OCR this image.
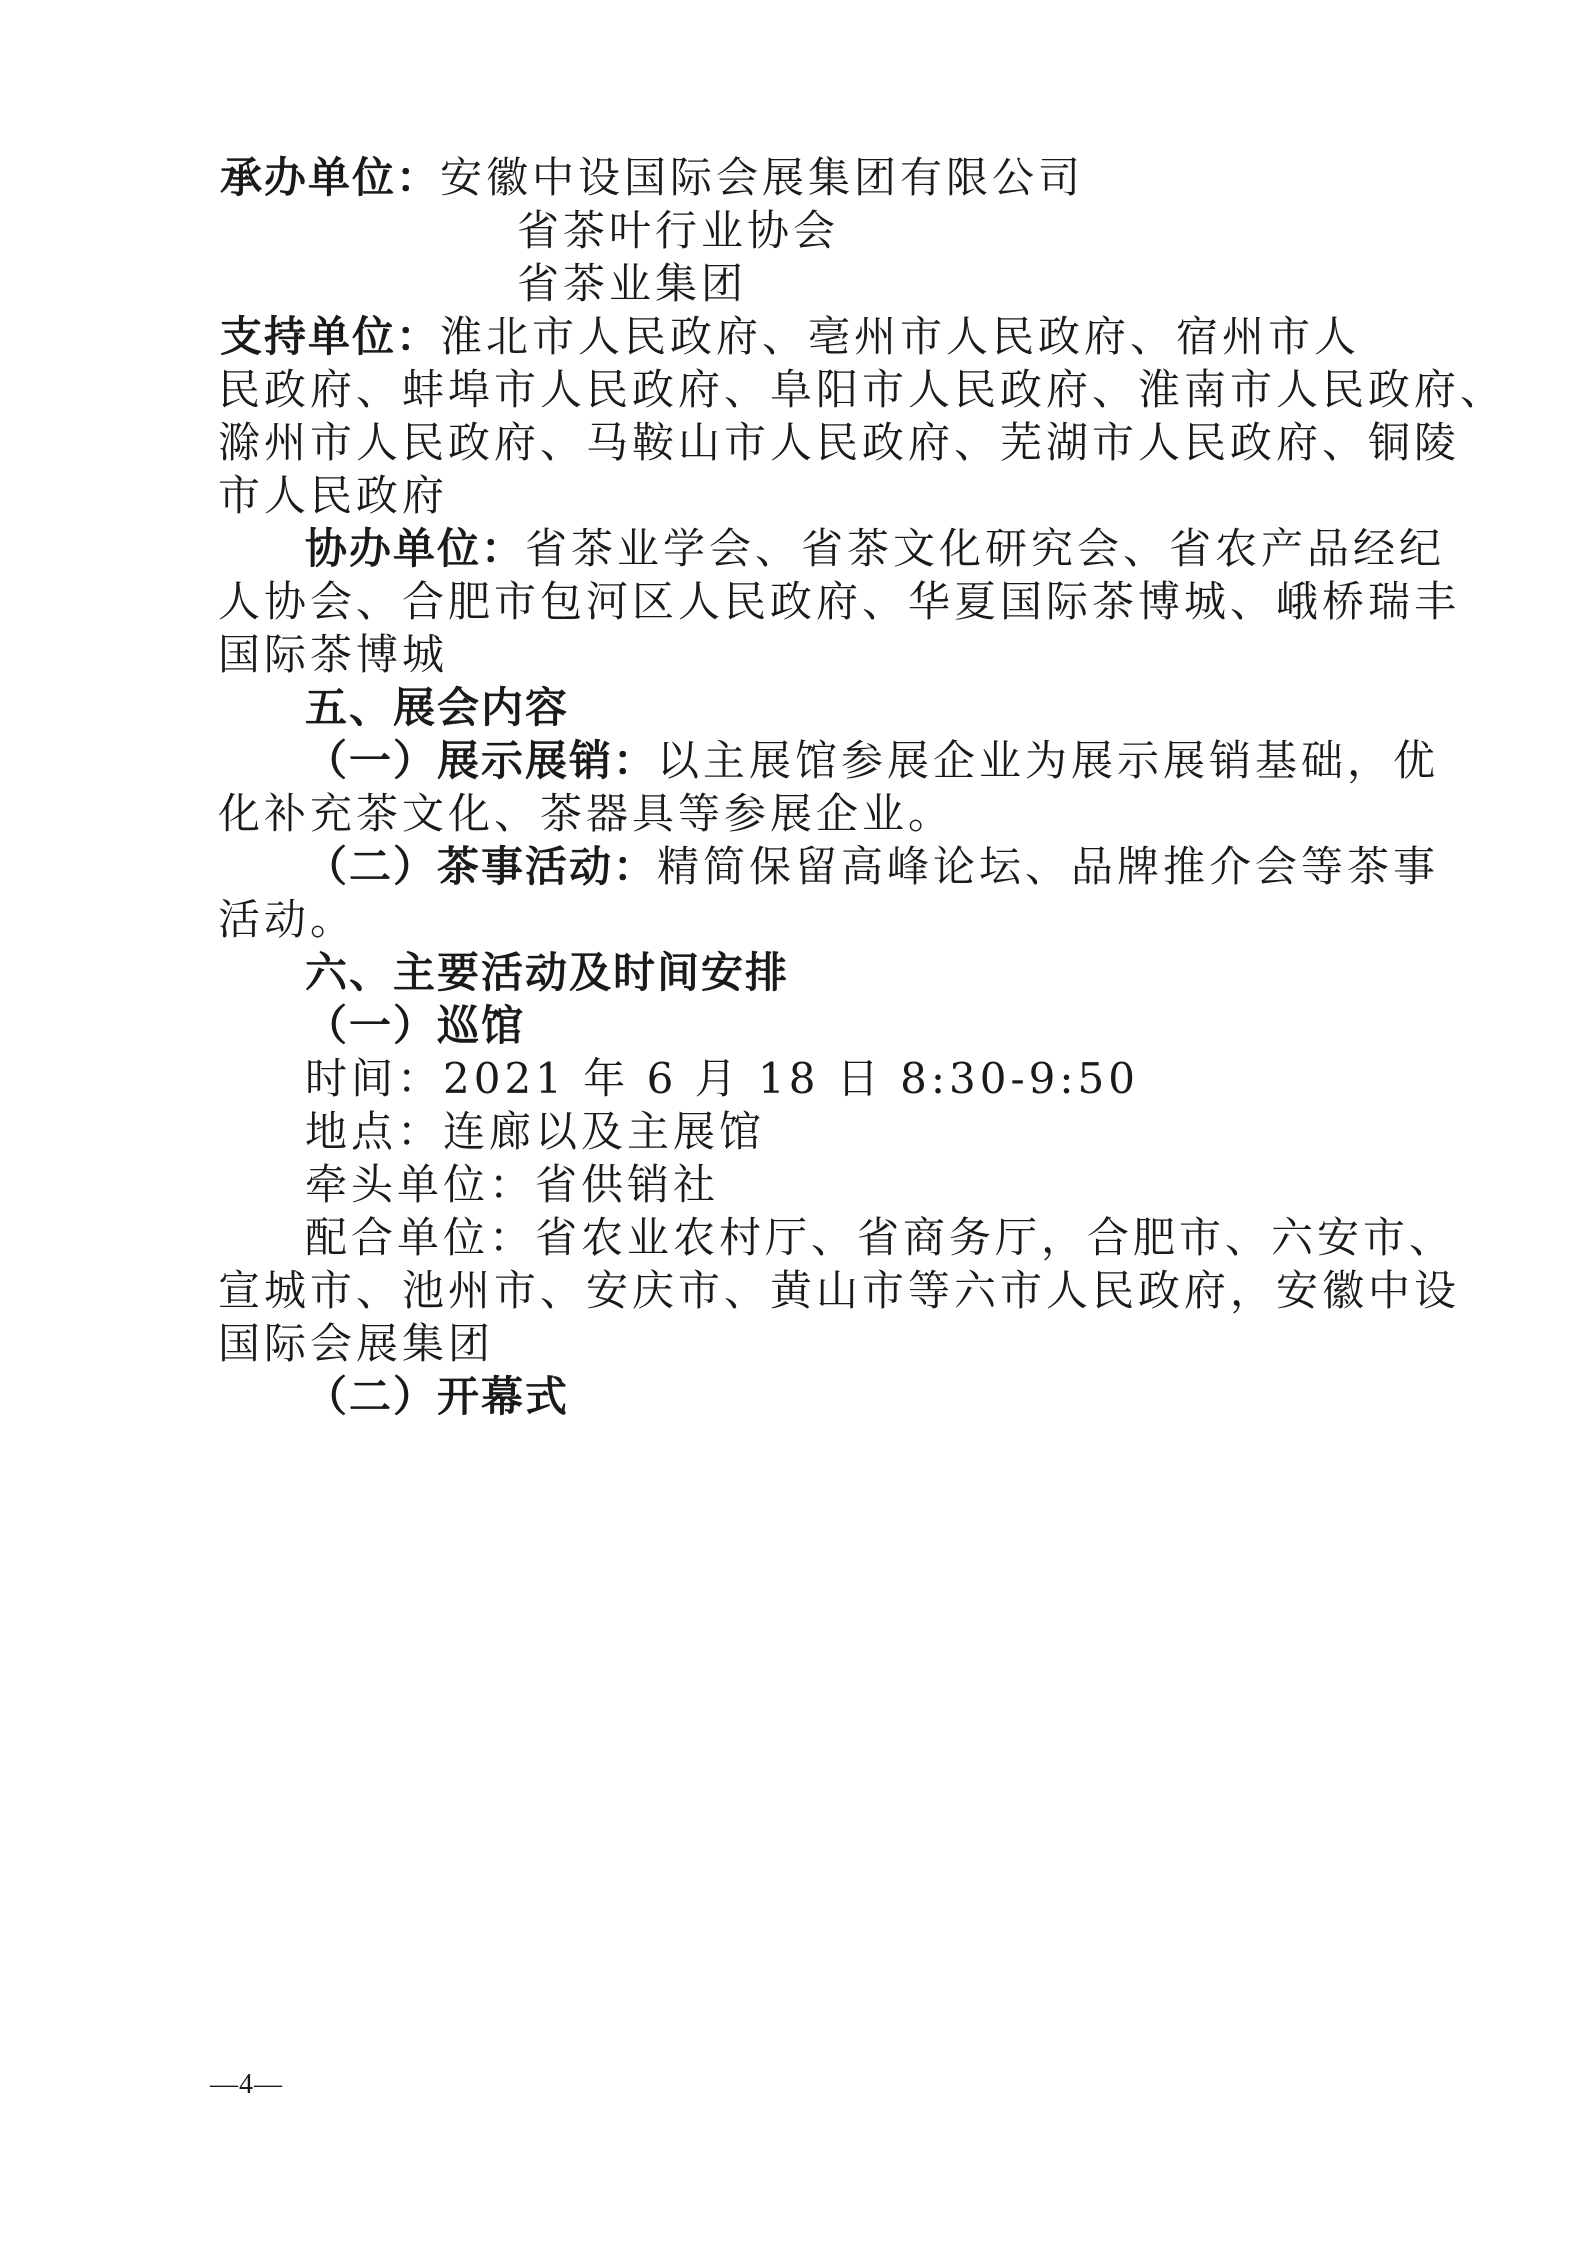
承办单位：安徽中设国际会展集团有限公司
省茶叶行业协会
省茶业集团
支持单位：淮北市人民政府、亳州市人民政府、宿州市人
民政府、蚌埠市人民政府、阜阳市人民政府、淮南市人民政府、
滁州市人民政府、马鞍山市人民政府、芜湖市人民政府、铜陵
市人民政府
协办单位：省茶业学会、省茶文化研究会、省农产品经纪
人协会、合肥市包河区人民政府、华夏国际茶博城、峨桥瑞丰
国际茶博城
五、展会内容
（一）展示展销：以主展馆参展企业为展示展销基础，优
化补充茶文化、茶器具等参展企业。
（二）茶事活动：精简保留高峰论坛、品牌推介会等茶事
活动。
六、主要活动及时间安排
（一）巡馆
时间：2021 年 6 月 18 日 8:30-9:50
地点：连廊以及主展馆
牵头单位：省供销社
配合单位：省农业农村厅、省商务厅，合肥市、六安市、
宣城市、池州市、安庆市、黄山市等六市人民政府，安徽中设
国际会展集团
（二）开幕式
—4—
